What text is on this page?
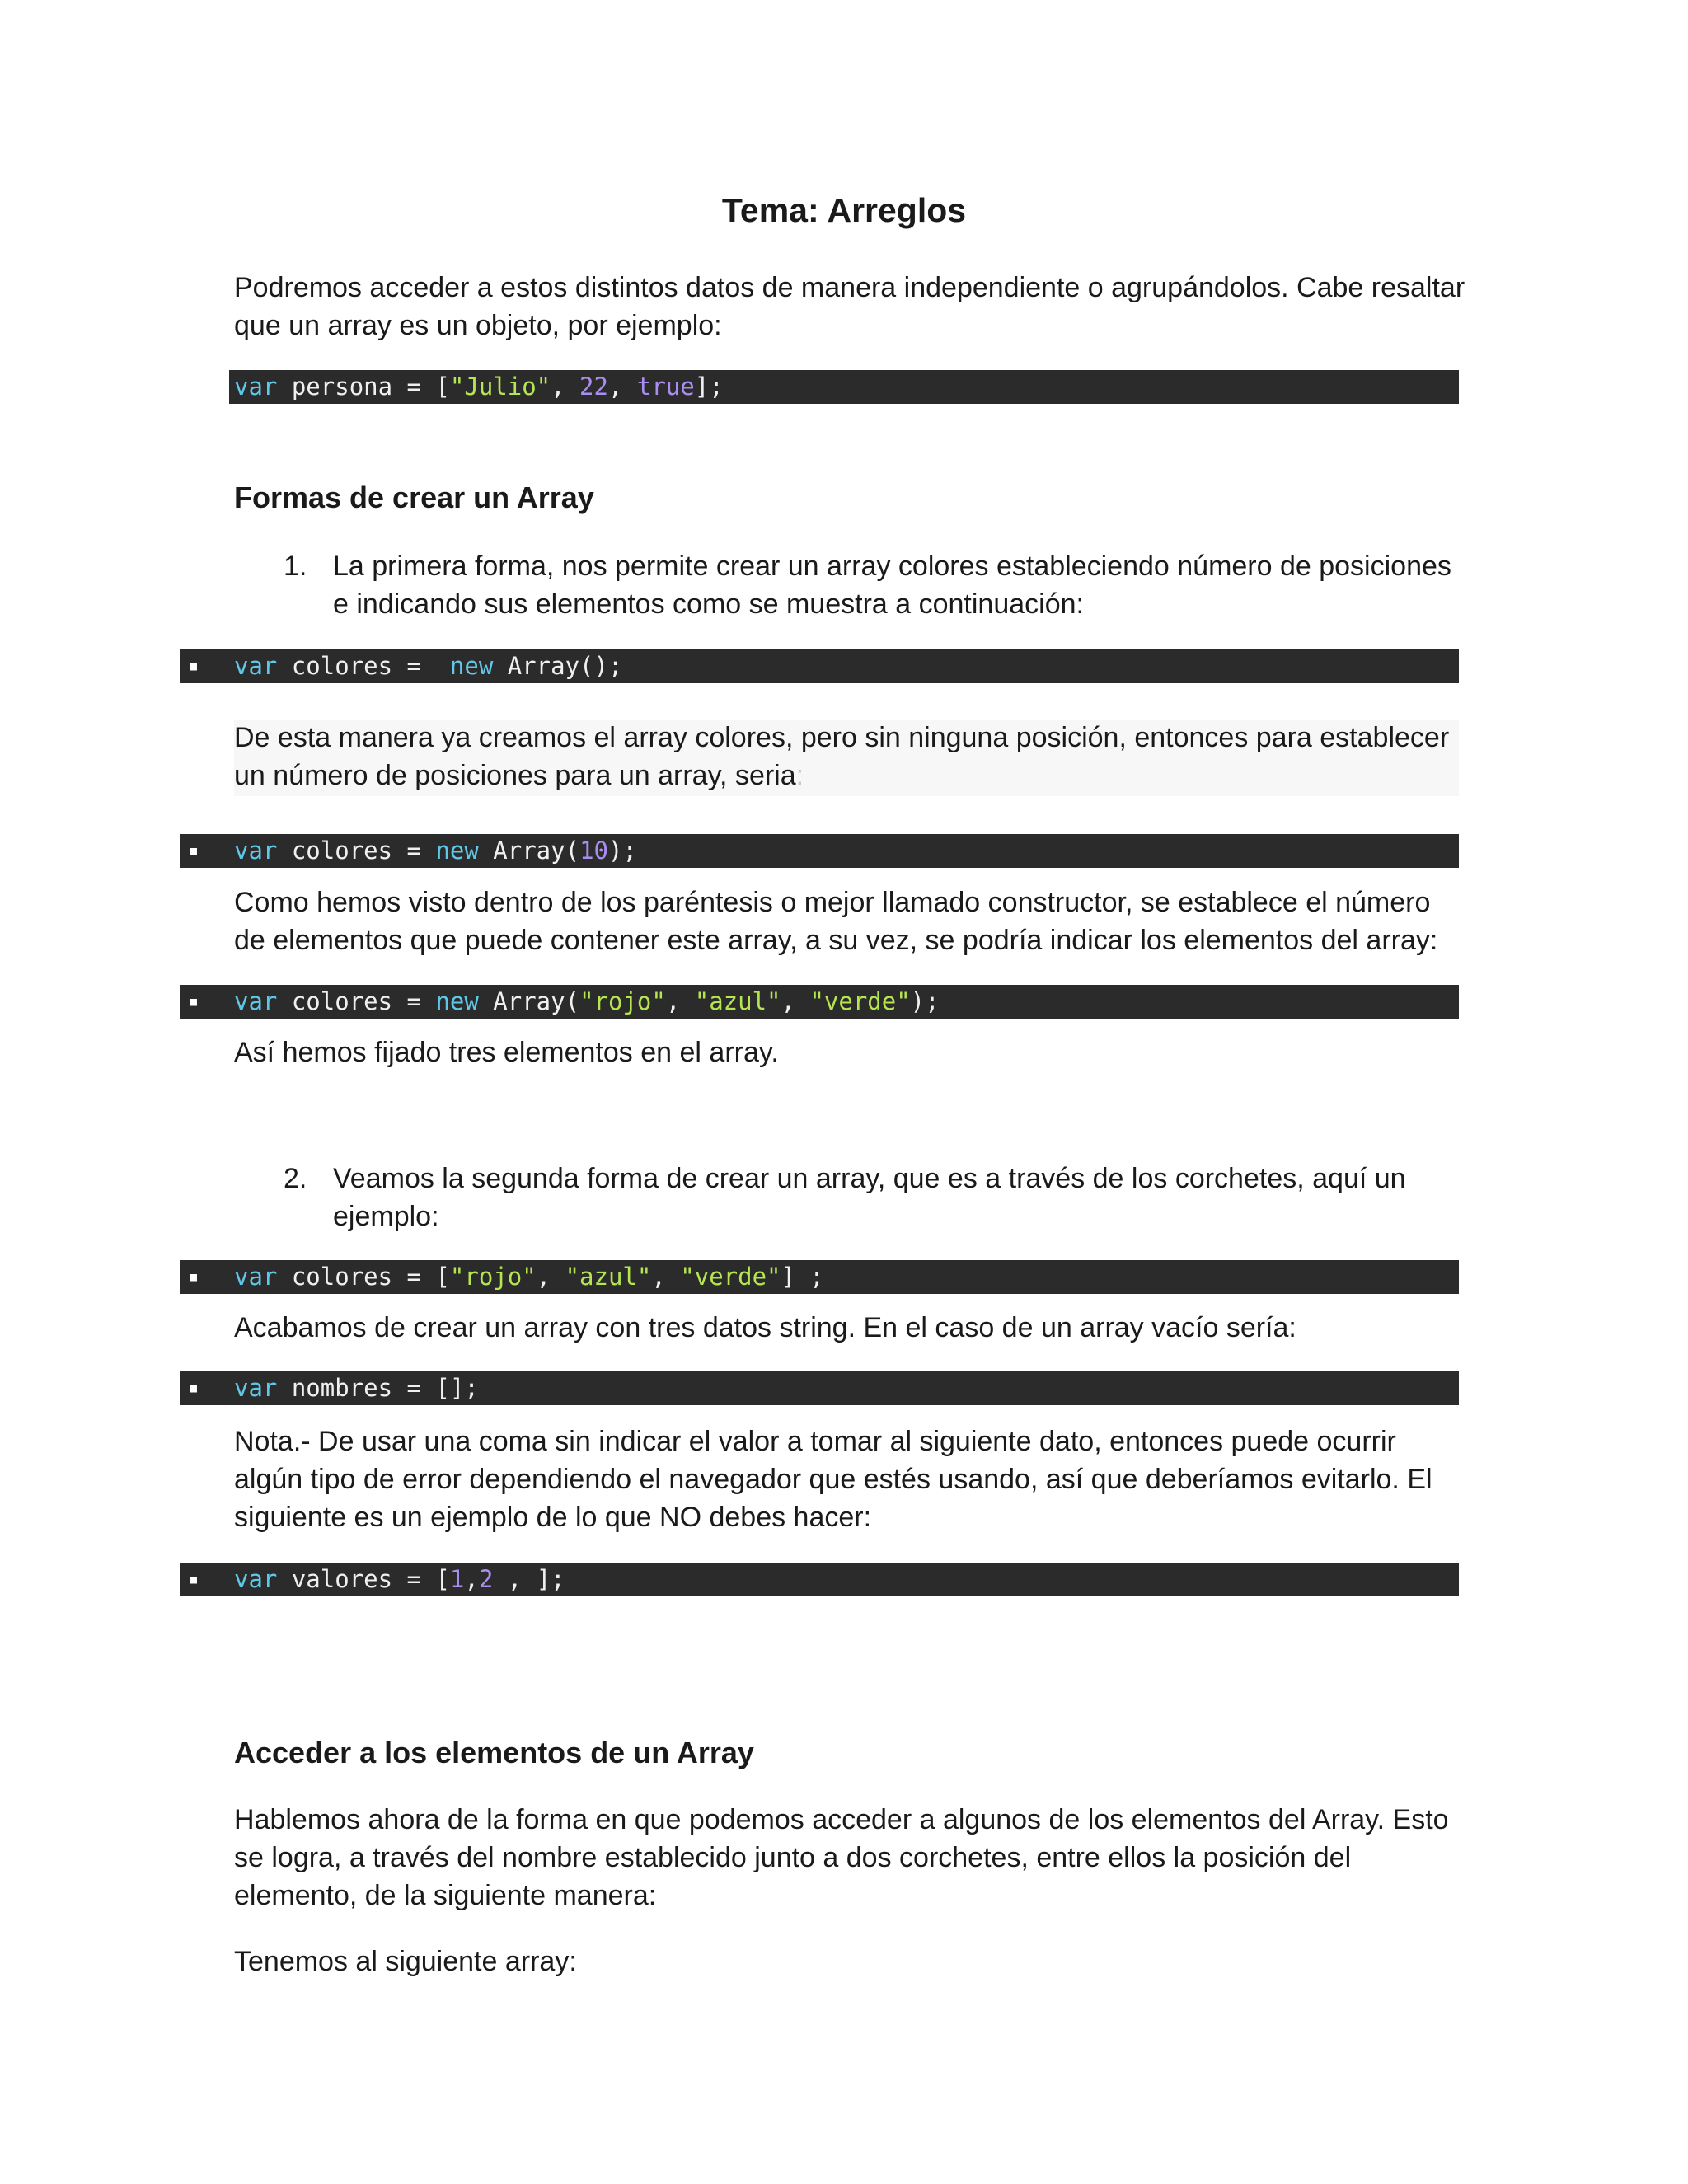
Tema: Arreglos
Podremos acceder a estos distintos datos de manera independiente o agrupándolos. Cabe resaltar que un array es un objeto, por ejemplo:

var persona = ["Julio", 22, true];

Formas de crear un Array
1. La primera forma, nos permite crear un array colores estableciendo número de posiciones e indicando sus elementos como se muestra a continuación:

▪

var colores =  new Array();

De esta manera ya creamos el array colores, pero sin ninguna posición, entonces para establecer un número de posiciones para un array, seria:

▪

var colores = new Array(10);

Como hemos visto dentro de los paréntesis o mejor llamado constructor, se establece el número de elementos que puede contener este array, a su vez, se podría indicar los elementos del array:

▪

var colores = new Array("rojo", "azul", "verde");

Así hemos fijado tres elementos en el array.
2. Veamos la segunda forma de crear un array, que es a través de los corchetes, aquí un ejemplo:

▪

var colores = ["rojo", "azul", "verde"] ;

Acabamos de crear un array con tres datos string. En el caso de un array vacío sería:

▪

var nombres = [];

Nota.- De usar una coma sin indicar el valor a tomar al siguiente dato, entonces puede ocurrir algún tipo de error dependiendo el navegador que estés usando, así que deberíamos evitarlo. El siguiente es un ejemplo de lo que NO debes hacer:

▪

var valores = [1,2 , ];

Acceder a los elementos de un Array
Hablemos ahora de la forma en que podemos acceder a algunos de los elementos del Array. Esto se logra, a través del nombre establecido junto a dos corchetes, entre ellos la posición del elemento, de la siguiente manera:
Tenemos al siguiente array:
